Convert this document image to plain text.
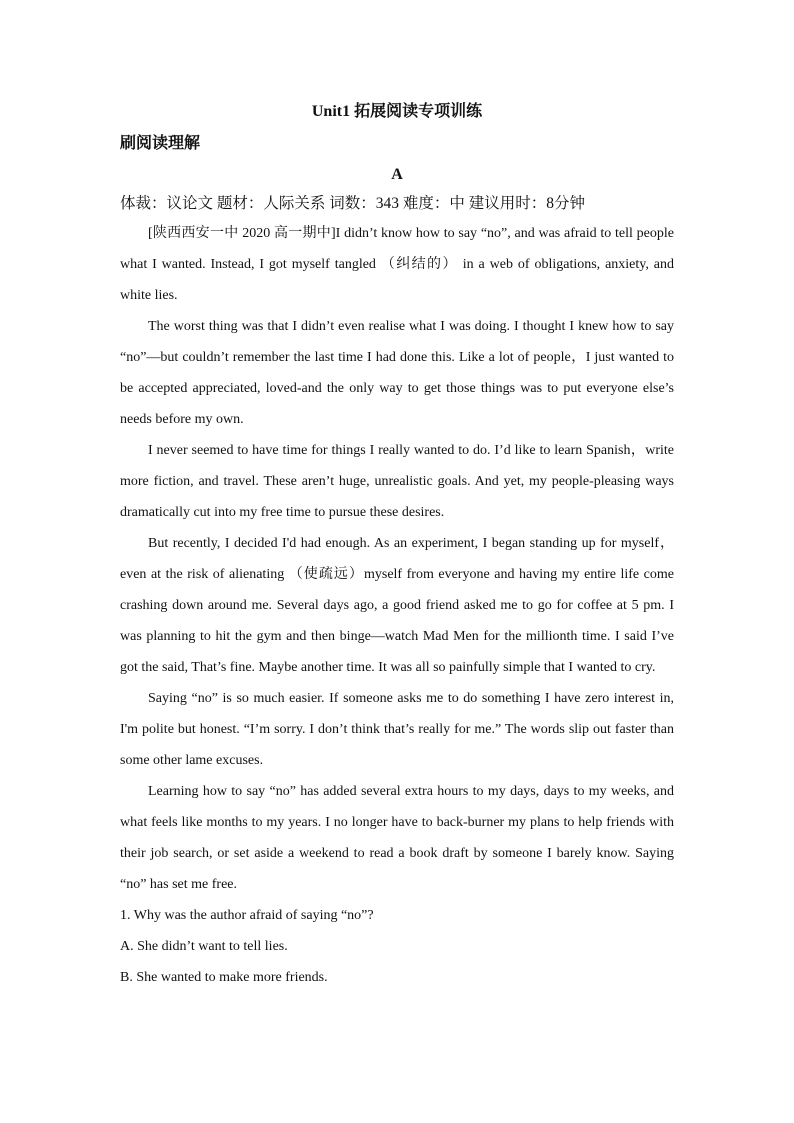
Unit1 拓展阅读专项训练
刷阅读理解
A
体裁：议论文 题材：人际关系 词数：343 难度：中 建议用时：8分钟

[陕西西安一中 2020 高一期中]I didn’t know how to say “no”, and was afraid to tell people what I wanted. Instead, I got myself tangled （纠结的） in a web of obligations, anxiety, and white lies.

The worst thing was that I didn’t even realise what I was doing. I thought I knew how to say “no”—but couldn’t remember the last time I had done this. Like a lot of people，I just wanted to be accepted appreciated, loved-and the only way to get those things was to put everyone else’s needs before my own.

I never seemed to have time for things I really wanted to do. I’d like to learn Spanish，write more fiction, and travel. These aren’t huge, unrealistic goals. And yet, my people-pleasing ways dramatically cut into my free time to pursue these desires.

But recently, I decided I'd had enough. As an experiment, I began standing up for myself， even at the risk of alienating （使疏远）myself from everyone and having my entire life come crashing down around me. Several days ago, a good friend asked me to go for coffee at 5 pm. I was planning to hit the gym and then binge—watch Mad Men for the millionth time. I said I’ve got the said, That’s fine. Maybe another time. It was all so painfully simple that I wanted to cry.

Saying “no” is so much easier. If someone asks me to do something I have zero interest in, I'm polite but honest. “I’m sorry. I don’t think that’s really for me.” The words slip out faster than some other lame excuses.

Learning how to say “no” has added several extra hours to my days, days to my weeks, and what feels like months to my years. I no longer have to back-burner my plans to help friends with their job search, or set aside a weekend to read a book draft by someone I barely know. Saying “no” has set me free.

1. Why was the author afraid of saying “no”?

A. She didn’t want to tell lies.

B. She wanted to make more friends.
